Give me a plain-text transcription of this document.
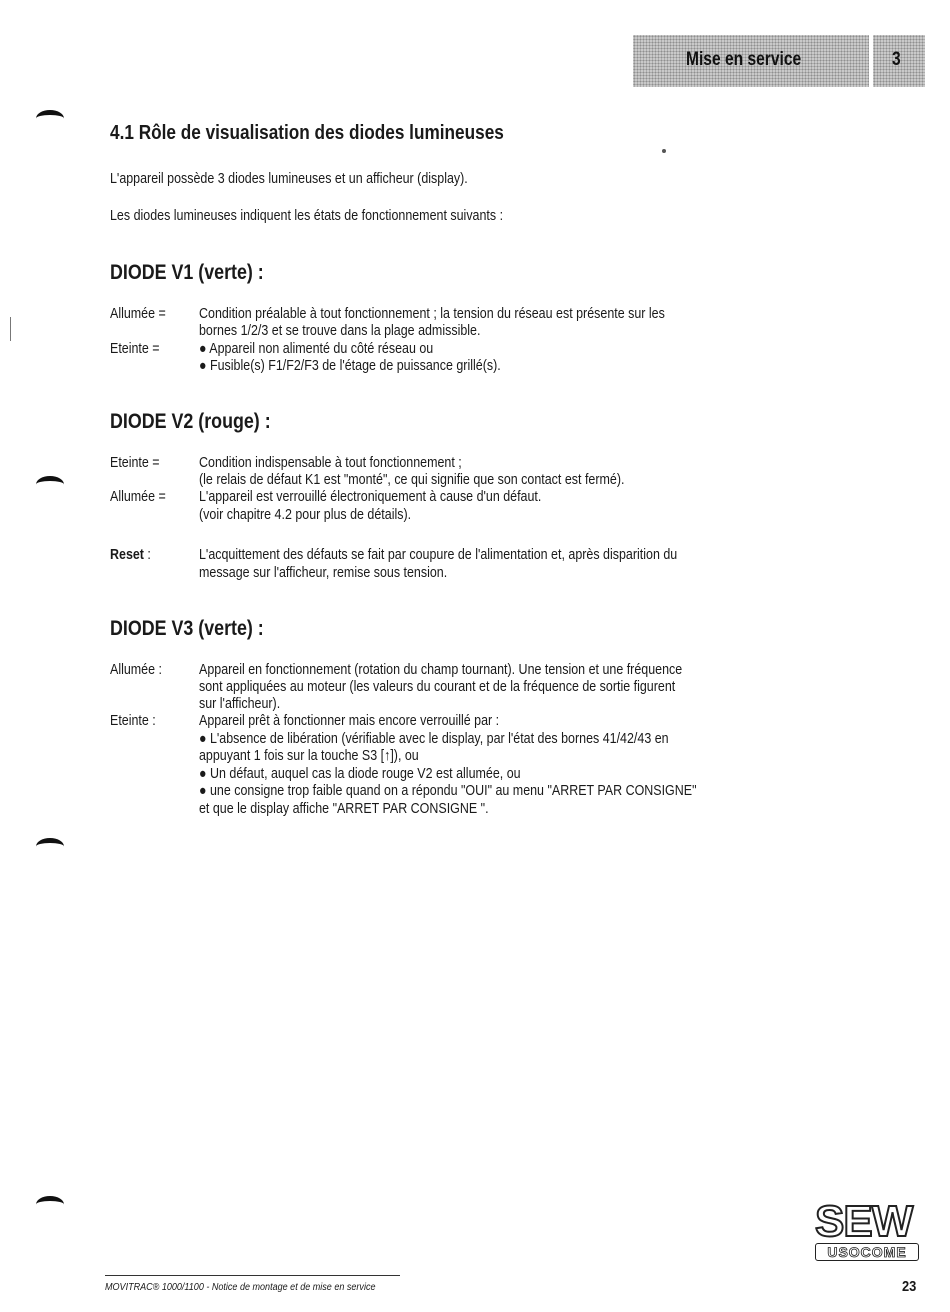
Mise en service	3
4.1 Rôle de visualisation des diodes lumineuses
L'appareil possède 3 diodes lumineuses et un afficheur (display).
Les diodes lumineuses indiquent les états de fonctionnement suivants :
DIODE V1 (verte) :
Allumée = Condition préalable à tout fonctionnement ; la tension du réseau est présente sur les
bornes 1/2/3 et se trouve dans la plage admissible.
Eteinte =	● Appareil non alimenté du côté réseau ou
● Fusible(s) F1/F2/F3 de l'étage de puissance grillé(s).
DIODE V2 (rouge) :
Eteinte =	Condition indispensable à tout fonctionnement ;
(le relais de défaut K1 est "monté", ce qui signifie que son contact est fermé).
Allumée = L'appareil est verrouillé électroniquement à cause d'un défaut.
(voir chapitre 4.2 pour plus de détails).
Reset :	L'acquittement des défauts se fait par coupure de l'alimentation et, après disparition du
message sur l'afficheur, remise sous tension.
DIODE V3 (verte) :
Allumée :	Appareil en fonctionnement (rotation du champ tournant). Une tension et une fréquence
sont appliquées au moteur (les valeurs du courant et de la fréquence de sortie figurent
sur l'afficheur).
Eteinte :	Appareil prêt à fonctionner mais encore verrouillé par :
● L'absence de libération (vérifiable avec le display, par l'état des bornes 41/42/43 en
appuyant 1 fois sur la touche S3 [↑]), ou
● Un défaut, auquel cas la diode rouge V2 est allumée, ou
● une consigne trop faible quand on a répondu "OUI" au menu "ARRET PAR CONSIGNE"
et que le display affiche "ARRET PAR CONSIGNE ".
SEW
USOCOME
MOVITRAC® 1000/1100 - Notice de montage et de mise en service	23
